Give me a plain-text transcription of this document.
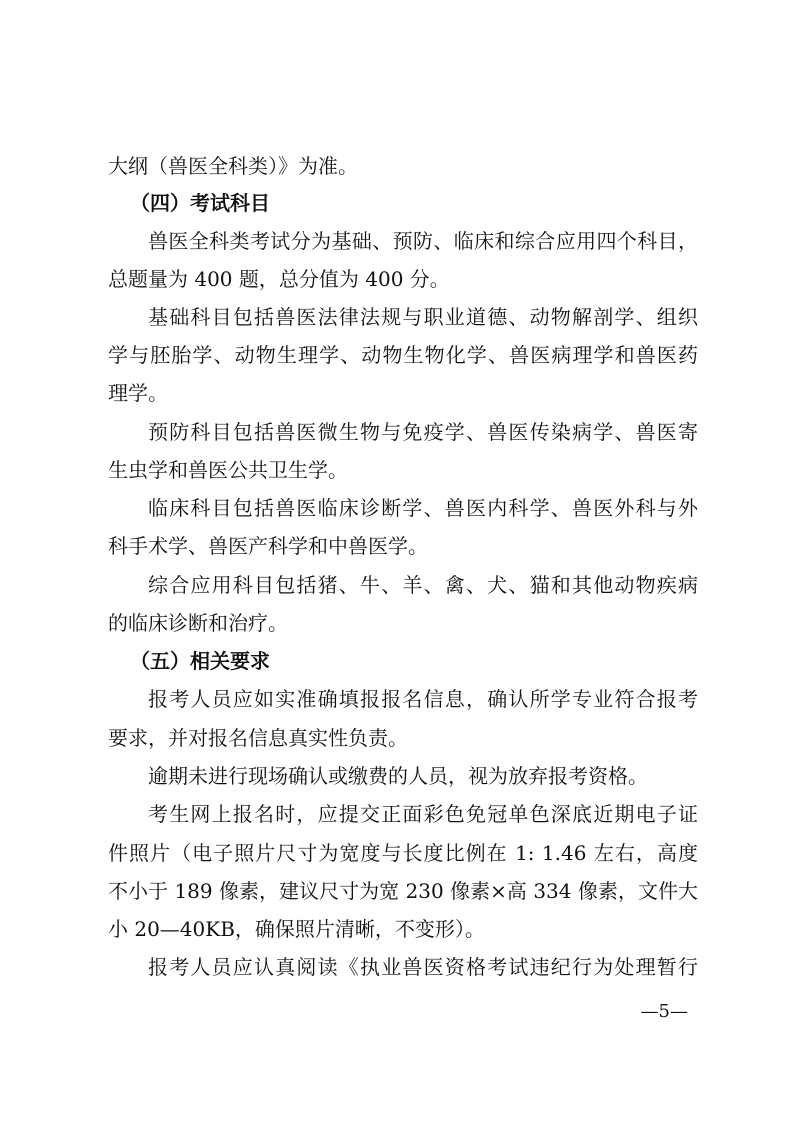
大纲（兽医全科类）》为准。
（四）考试科目
兽医全科类考试分为基础、预防、临床和综合应用四个科目，
总题量为 400 题，总分值为 400 分。
基础科目包括兽医法律法规与职业道德、动物解剖学、组织
学与胚胎学、动物生理学、动物生物化学、兽医病理学和兽医药
理学。
预防科目包括兽医微生物与免疫学、兽医传染病学、兽医寄
生虫学和兽医公共卫生学。
临床科目包括兽医临床诊断学、兽医内科学、兽医外科与外
科手术学、兽医产科学和中兽医学。
综合应用科目包括猪、牛、羊、禽、犬、猫和其他动物疾病
的临床诊断和治疗。
（五）相关要求
报考人员应如实准确填报报名信息，确认所学专业符合报考
要求，并对报名信息真实性负责。
逾期未进行现场确认或缴费的人员，视为放弃报考资格。
考生网上报名时，应提交正面彩色免冠单色深底近期电子证
件照片（电子照片尺寸为宽度与长度比例在 1: 1.46 左右，高度
不小于 189 像素，建议尺寸为宽 230 像素×高 334 像素，文件大
小 20—40KB，确保照片清晰，不变形）。
报考人员应认真阅读《执业兽医资格考试违纪行为处理暂行
—5—
